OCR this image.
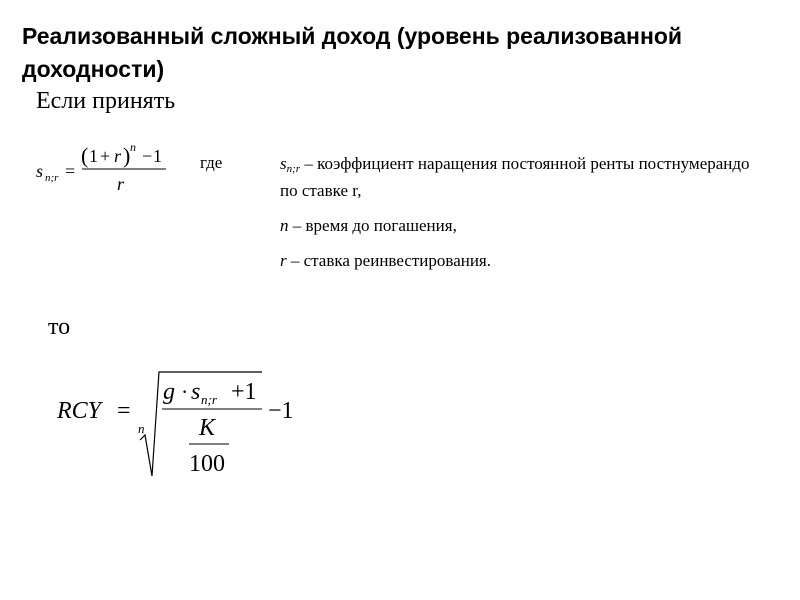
Реализованный сложный доход (уровень реализованной доходности)
Если принять
s n;r =
( 1 + r ) n − 1
r
где	$s_{n;r}$ – коэффициент наращения постоянной ренты постнумерандо по ставке r,
n – время до погашения,
r – ставка реинвестирования.
то
RCY =
n
g · s n;r +1
K
100
−1
